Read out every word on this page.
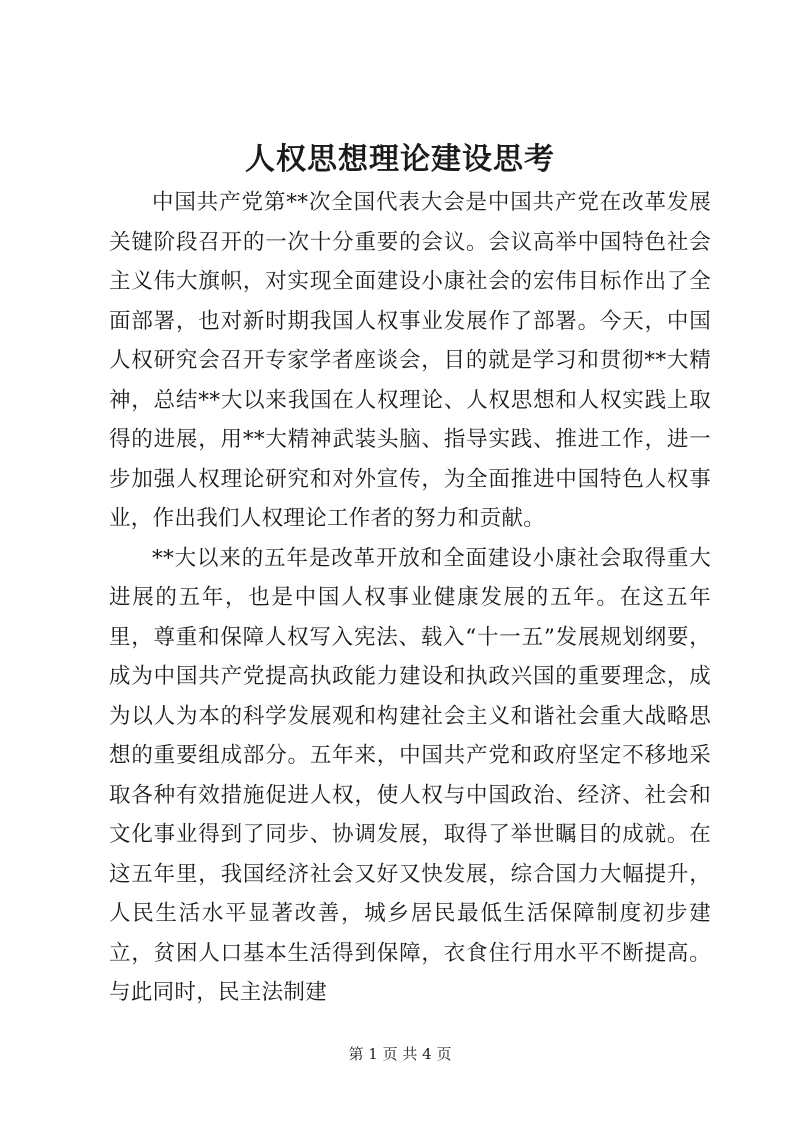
人权思想理论建设思考

中国共产党第**次全国代表大会是中国共产党在改革发展关键阶段召开的一次十分重要的会议。会议高举中国特色社会主义伟大旗帜，对实现全面建设小康社会的宏伟目标作出了全面部署，也对新时期我国人权事业发展作了部署。今天，中国人权研究会召开专家学者座谈会，目的就是学习和贯彻**大精神，总结**大以来我国在人权理论、人权思想和人权实践上取得的进展，用**大精神武装头脑、指导实践、推进工作，进一步加强人权理论研究和对外宣传，为全面推进中国特色人权事业，作出我们人权理论工作者的努力和贡献。

**大以来的五年是改革开放和全面建设小康社会取得重大进展的五年，也是中国人权事业健康发展的五年。在这五年里，尊重和保障人权写入宪法、载入“十一五”发展规划纲要，成为中国共产党提高执政能力建设和执政兴国的重要理念，成为以人为本的科学发展观和构建社会主义和谐社会重大战略思想的重要组成部分。五年来，中国共产党和政府坚定不移地采取各种有效措施促进人权，使人权与中国政治、经济、社会和文化事业得到了同步、协调发展，取得了举世瞩目的成就。在这五年里，我国经济社会又好又快发展，综合国力大幅提升，人民生活水平显著改善，城乡居民最低生活保障制度初步建立，贫困人口基本生活得到保障，衣食住行用水平不断提高。与此同时，民主法制建

第 1 页 共 4 页
